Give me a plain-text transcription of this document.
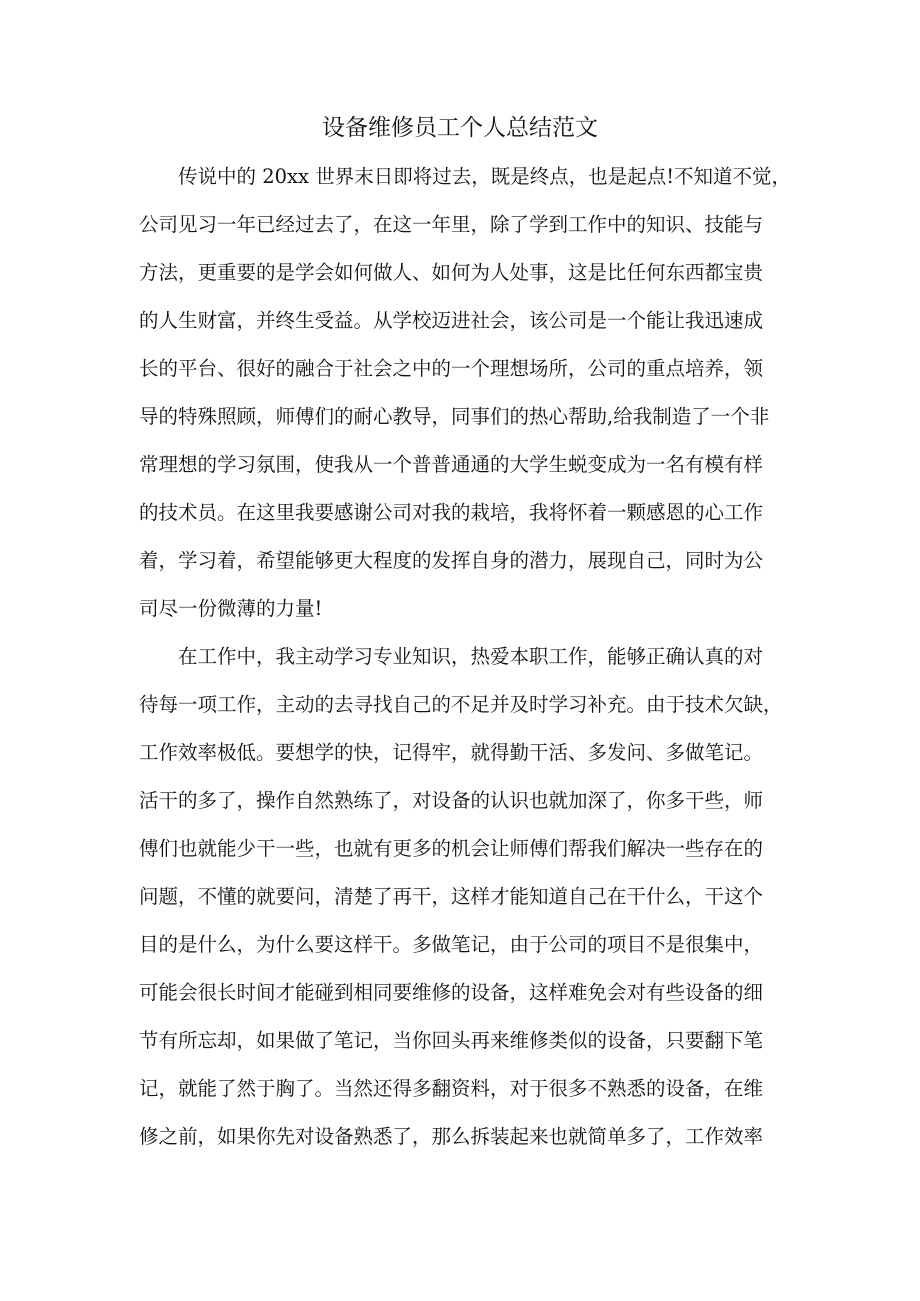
设备维修员工个人总结范文
　　传说中的 20xx 世界末日即将过去，既是终点，也是起点!不知道不觉，
公司见习一年已经过去了，在这一年里，除了学到工作中的知识、技能与
方法，更重要的是学会如何做人、如何为人处事，这是比任何东西都宝贵
的人生财富，并终生受益。从学校迈进社会，该公司是一个能让我迅速成
长的平台、很好的融合于社会之中的一个理想场所，公司的重点培养，领
导的特殊照顾，师傅们的耐心教导，同事们的热心帮助,给我制造了一个非
常理想的学习氛围，使我从一个普普通通的大学生蜕变成为一名有模有样
的技术员。在这里我要感谢公司对我的栽培，我将怀着一颗感恩的心工作
着，学习着，希望能够更大程度的发挥自身的潜力，展现自己，同时为公
司尽一份微薄的力量!
　　在工作中，我主动学习专业知识，热爱本职工作，能够正确认真的对
待每一项工作，主动的去寻找自己的不足并及时学习补充。由于技术欠缺，
工作效率极低。要想学的快，记得牢，就得勤干活、多发问、多做笔记。
活干的多了，操作自然熟练了，对设备的认识也就加深了，你多干些，师
傅们也就能少干一些，也就有更多的机会让师傅们帮我们解决一些存在的
问题，不懂的就要问，清楚了再干，这样才能知道自己在干什么，干这个
目的是什么，为什么要这样干。多做笔记，由于公司的项目不是很集中，
可能会很长时间才能碰到相同要维修的设备，这样难免会对有些设备的细
节有所忘却，如果做了笔记，当你回头再来维修类似的设备，只要翻下笔
记，就能了然于胸了。当然还得多翻资料，对于很多不熟悉的设备，在维
修之前，如果你先对设备熟悉了，那么拆装起来也就简单多了，工作效率
